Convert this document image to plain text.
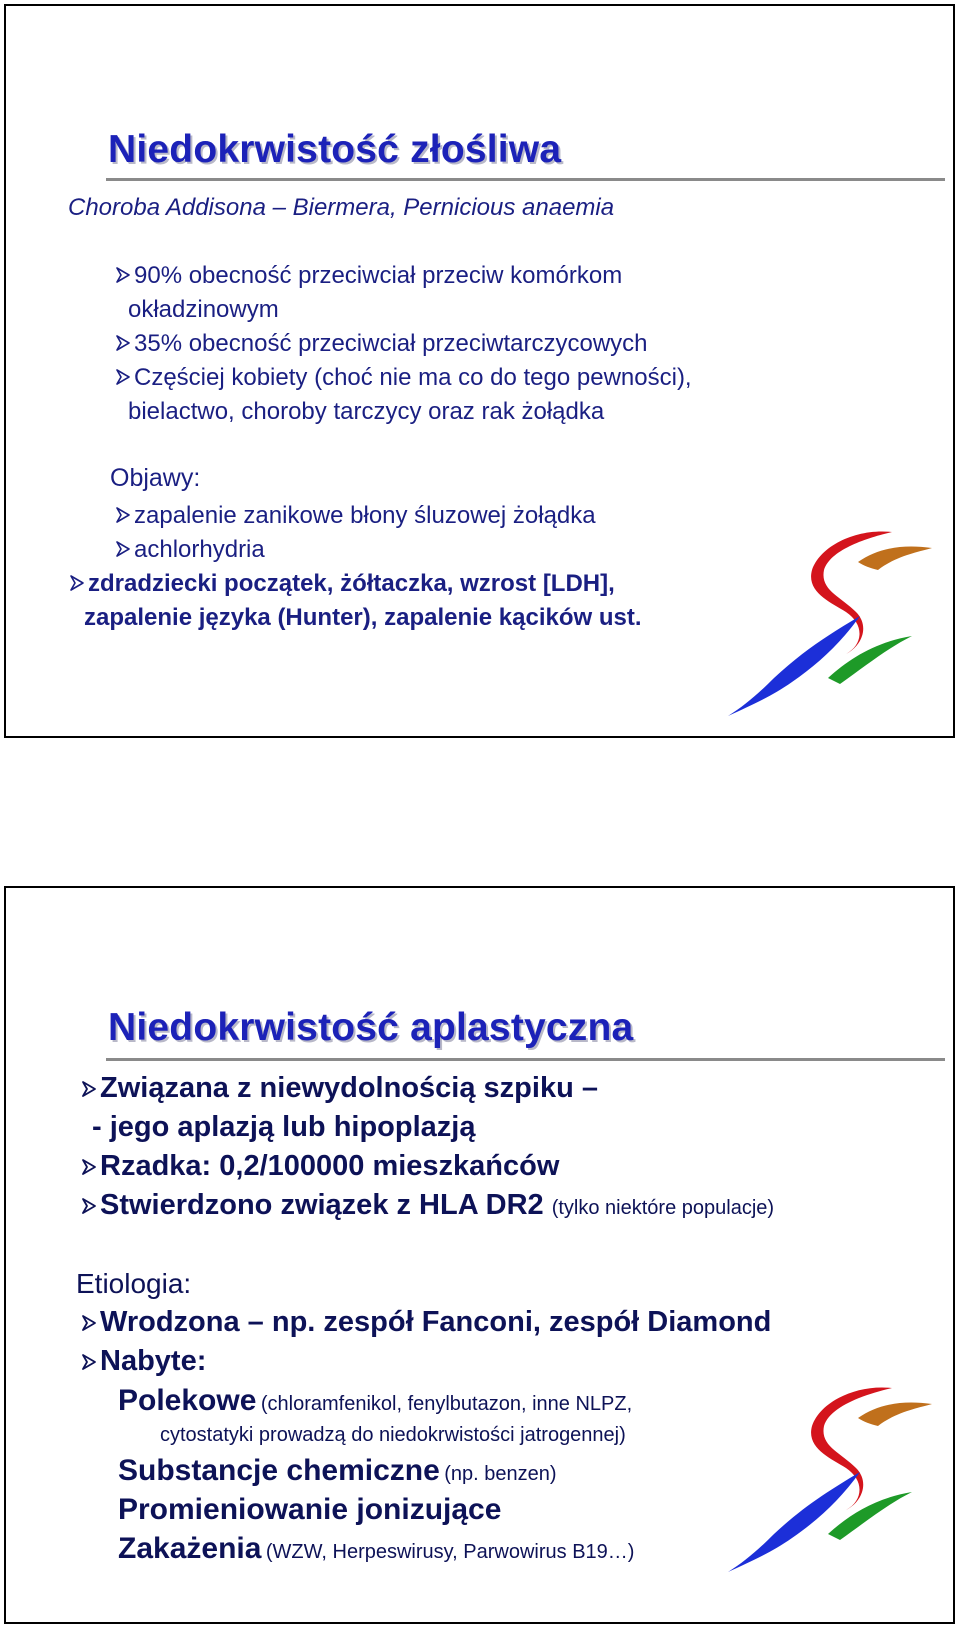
Niedokrwistość złośliwa
Choroba Addisona – Biermera, Pernicious anaemia
90% obecność przeciwciał przeciw komórkom
okładzinowym
35% obecność przeciwciał przeciwtarczycowych
Częściej kobiety (choć nie ma co do tego pewności),
bielactwo, choroby tarczycy oraz rak żołądka
Objawy:
zapalenie zanikowe błony śluzowej żołądka
achlorhydria
zdradziecki początek, żółtaczka, wzrost [LDH],
zapalenie języka (Hunter), zapalenie kącików ust.
Niedokrwistość aplastyczna
Związana z niewydolnością szpiku –
- jego aplazją lub hipoplazją
Rzadka: 0,2/100000 mieszkańców
Stwierdzono związek z HLA DR2 (tylko niektóre populacje)
Etiologia:
Wrodzona – np. zespół Fanconi, zespół Diamond
Nabyte:
Polekowe (chloramfenikol, fenylbutazon, inne NLPZ,
cytostatyki prowadzą do niedokrwistości jatrogennej)
Substancje chemiczne (np. benzen)
Promieniowanie jonizujące
Zakażenia (WZW, Herpeswirusy, Parwowirus B19…)
